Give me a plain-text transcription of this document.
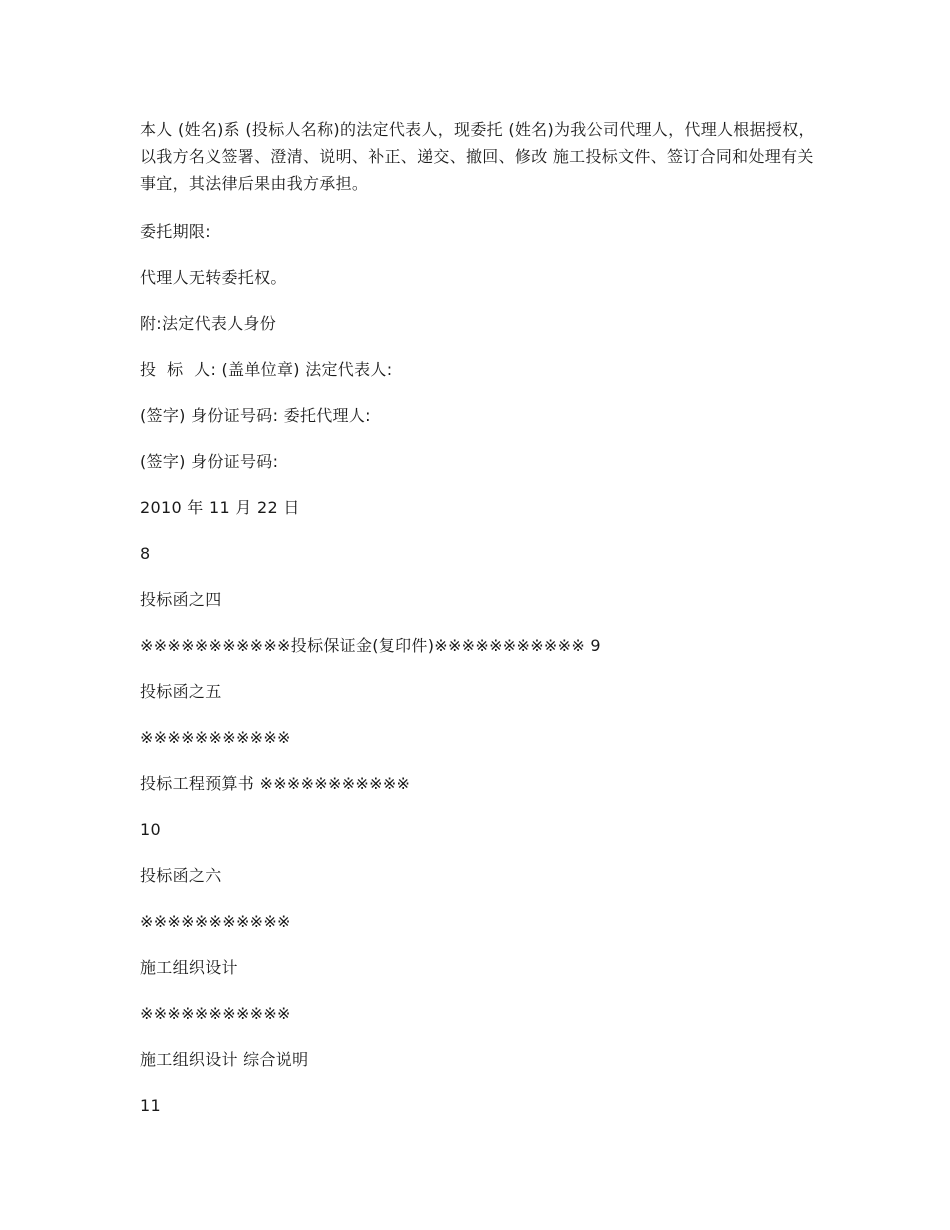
本人 (姓名)系 (投标人名称)的法定代表人，现委托 (姓名)为我公司代理人，代理人根据授权，以我方名义签署、澄清、说明、补正、递交、撤回、修改 施工投标文件、签订合同和处理有关事宜，其法律后果由我方承担。

委托期限:

代理人无转委托权。

附:法定代表人身份

投  标  人: (盖单位章) 法定代表人:

(签字) 身份证号码: 委托代理人:

(签字) 身份证号码:

2010 年 11 月 22 日

8

投标函之四

※※※※※※※※※※※投标保证金(复印件)※※※※※※※※※※※ 9

投标函之五

※※※※※※※※※※※

投标工程预算书 ※※※※※※※※※※※

10

投标函之六

※※※※※※※※※※※

施工组织设计

※※※※※※※※※※※

施工组织设计 综合说明

11
